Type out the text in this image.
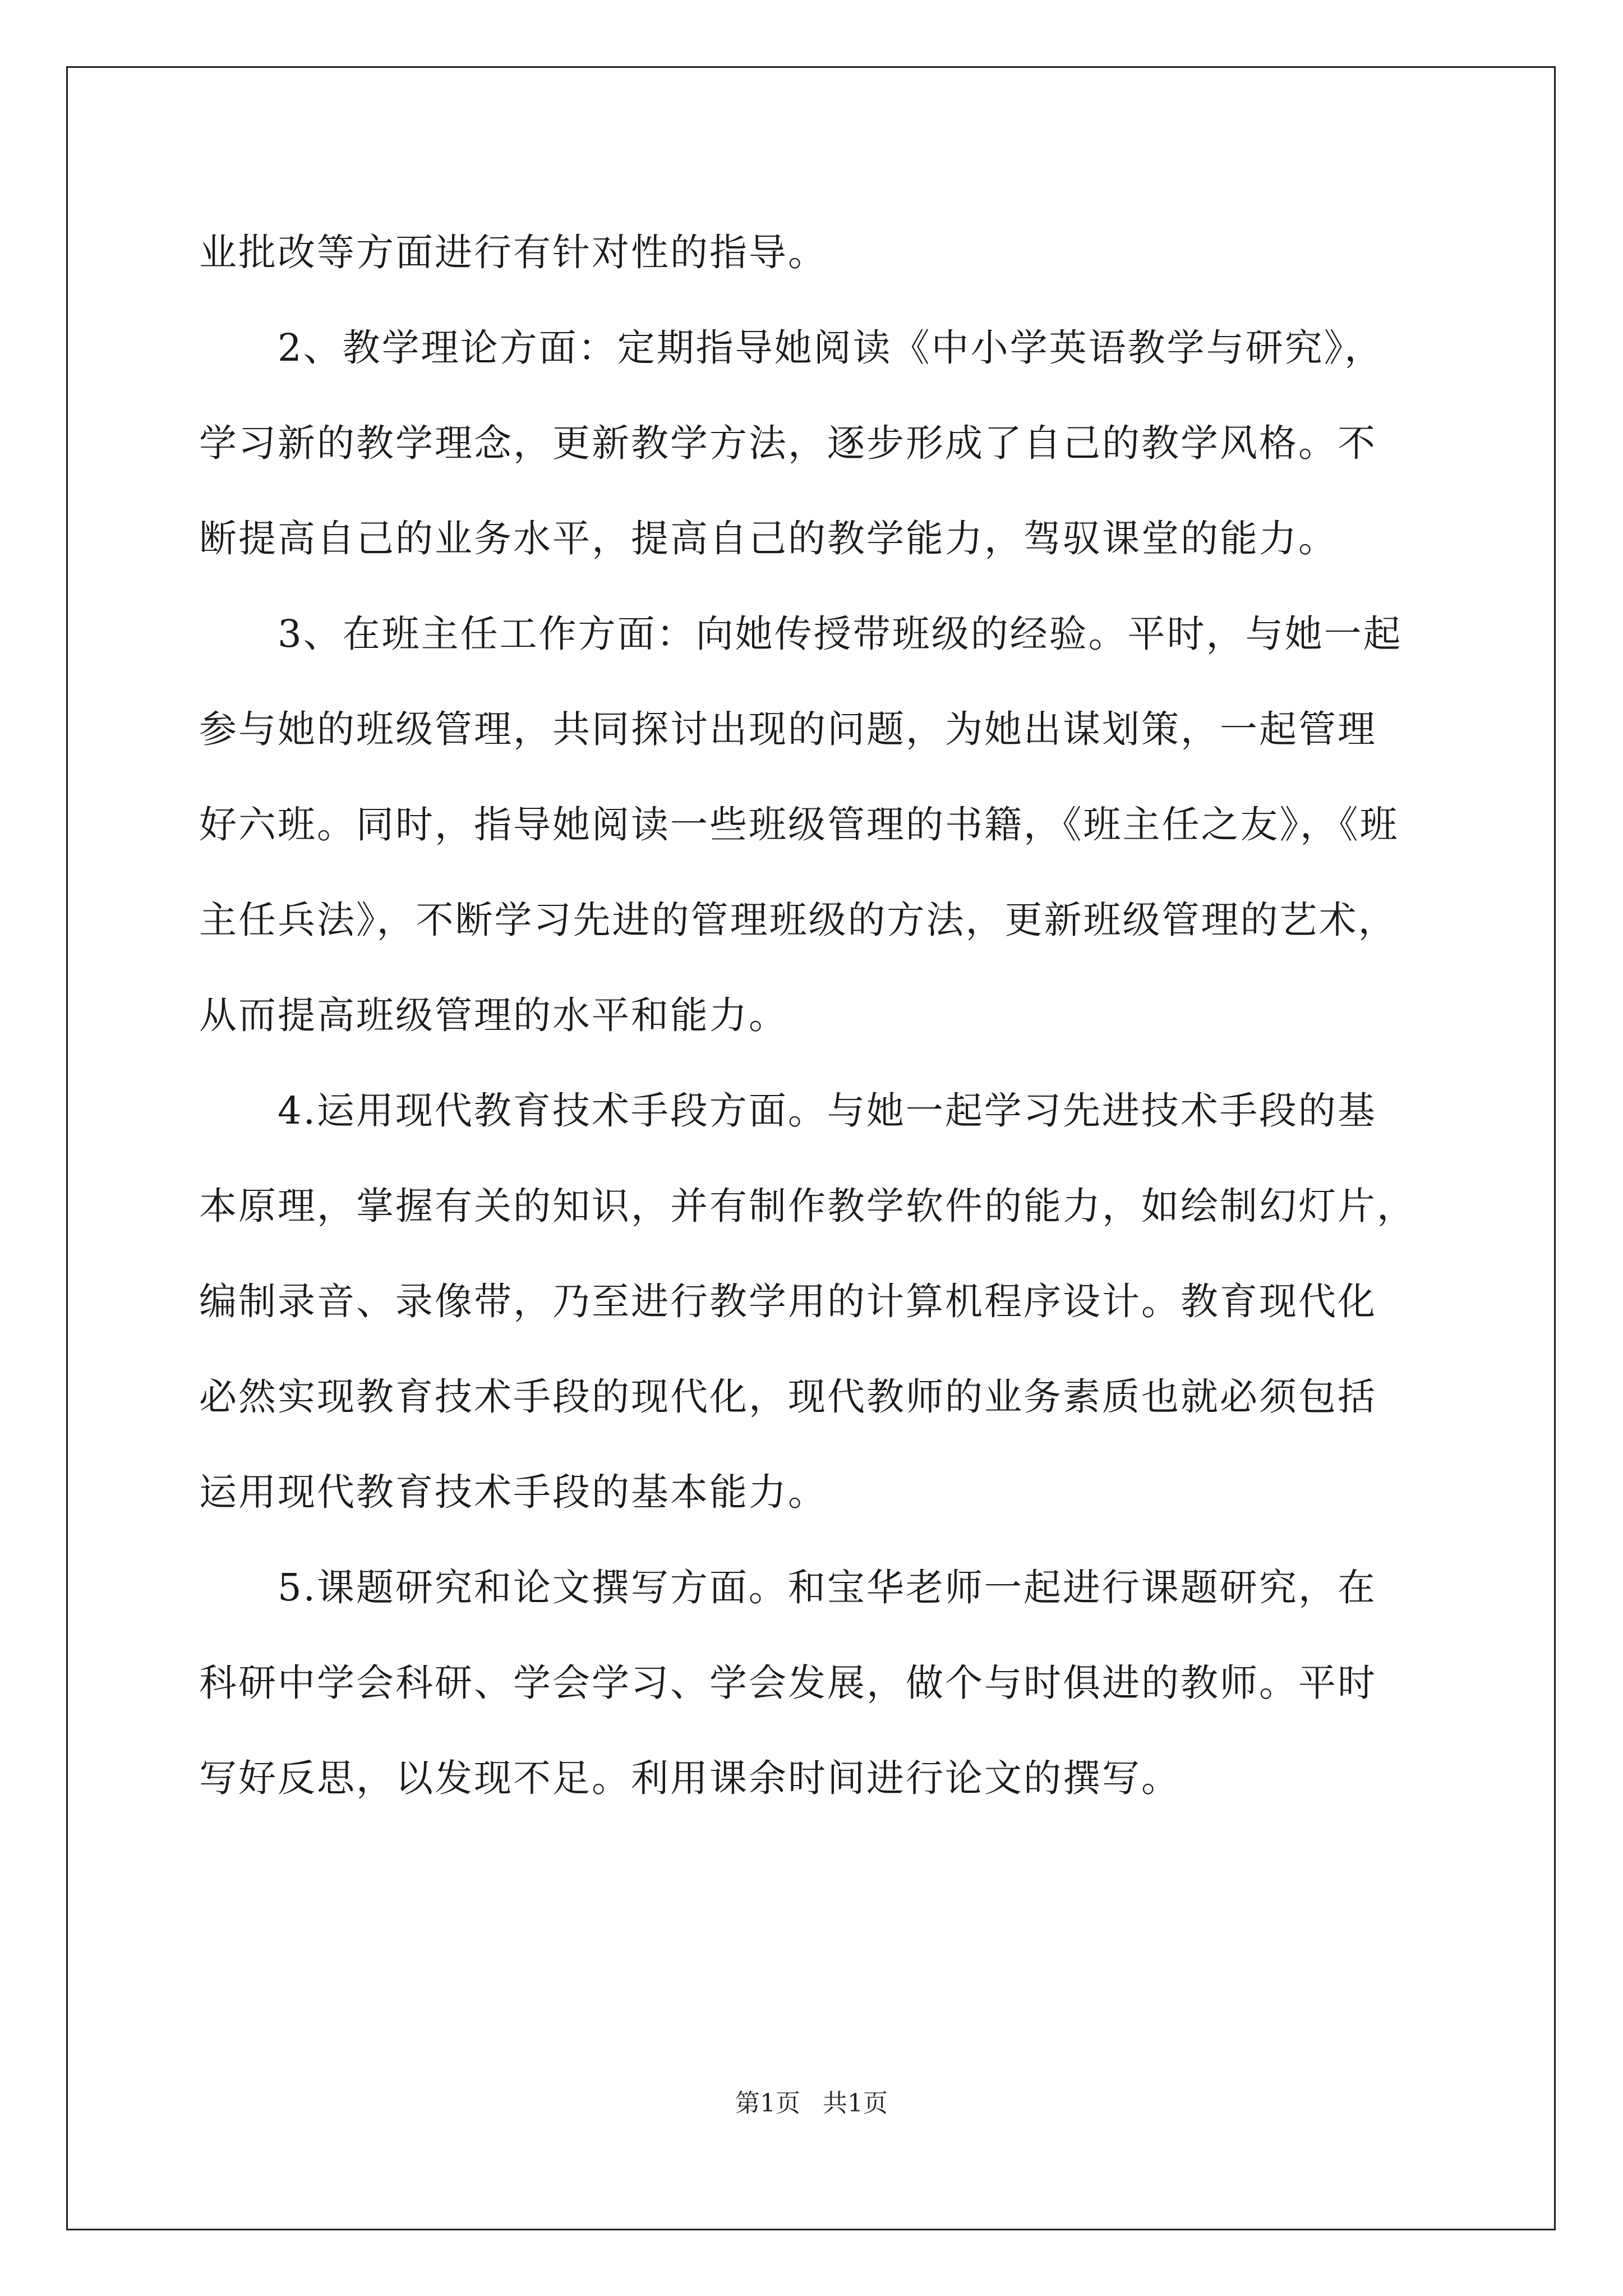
业批改等方面进行有针对性的指导。
　　2、教学理论方面：定期指导她阅读《中小学英语教学与研究》，
学习新的教学理念，更新教学方法，逐步形成了自己的教学风格。不
断提高自己的业务水平，提高自己的教学能力，驾驭课堂的能力。
　　3、在班主任工作方面：向她传授带班级的经验。平时，与她一起
参与她的班级管理，共同探讨出现的问题，为她出谋划策，一起管理
好六班。同时，指导她阅读一些班级管理的书籍，《班主任之友》，《班
主任兵法》，不断学习先进的管理班级的方法，更新班级管理的艺术，
从而提高班级管理的水平和能力。
　　4.运用现代教育技术手段方面。与她一起学习先进技术手段的基
本原理，掌握有关的知识，并有制作教学软件的能力，如绘制幻灯片，
编制录音、录像带，乃至进行教学用的计算机程序设计。教育现代化
必然实现教育技术手段的现代化，现代教师的业务素质也就必须包括
运用现代教育技术手段的基本能力。
　　5.课题研究和论文撰写方面。和宝华老师一起进行课题研究，在
科研中学会科研、学会学习、学会发展，做个与时俱进的教师。平时
写好反思，以发现不足。利用课余时间进行论文的撰写。
第1页 共1页
